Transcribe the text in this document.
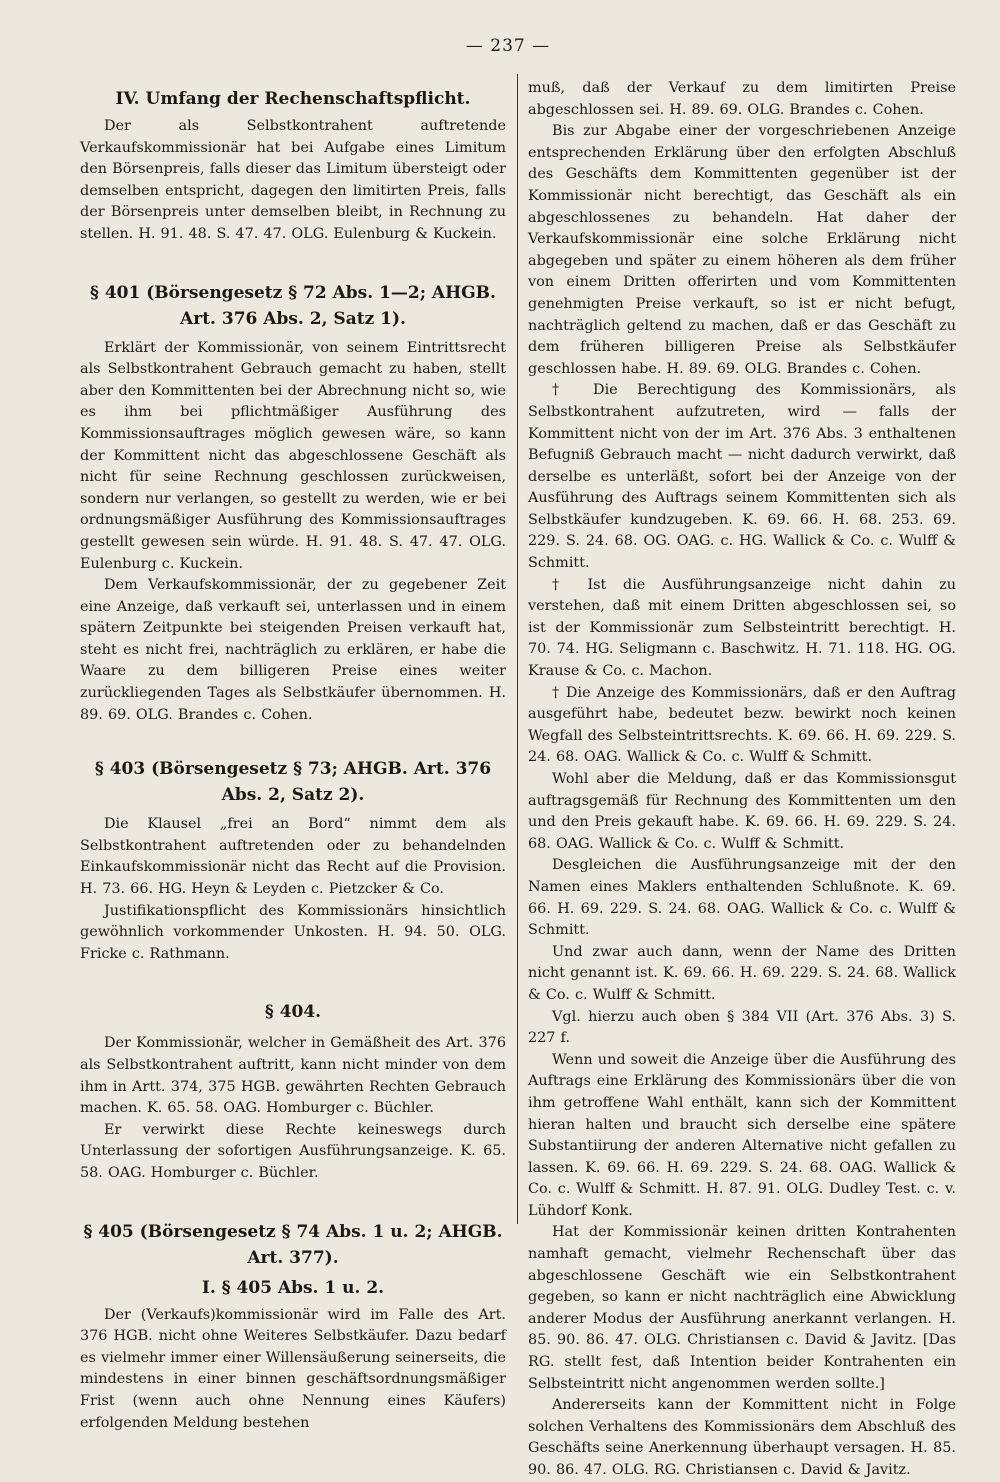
— 237 —
IV. Umfang der Rechenschaftspflicht.

Der als Selbstkontrahent auftretende Verkaufskommissionär hat bei Aufgabe eines Limitum den Börsenpreis, falls dieser das Limitum übersteigt oder demselben entspricht, dagegen den limitirten Preis, falls der Börsenpreis unter demselben bleibt, in Rechnung zu stellen. H. 91. 48. S. 47. 47. OLG. Eulenburg & Kuckein.

§ 401 (Börsengesetz § 72 Abs. 1—2; AHGB. Art. 376 Abs. 2, Satz 1).

Erklärt der Kommissionär, von seinem Eintrittsrecht als Selbstkontrahent Gebrauch gemacht zu haben, stellt aber den Kommittenten bei der Abrechnung nicht so, wie es ihm bei pflichtmäßiger Ausführung des Kommissionsauftrages möglich gewesen wäre, so kann der Kommittent nicht das abgeschlossene Geschäft als nicht für seine Rechnung geschlossen zurückweisen, sondern nur verlangen, so gestellt zu werden, wie er bei ordnungsmäßiger Ausführung des Kommissionsauftrages gestellt gewesen sein würde. H. 91. 48. S. 47. 47. OLG. Eulenburg c. Kuckein.

Dem Verkaufskommissionär, der zu gegebener Zeit eine Anzeige, daß verkauft sei, unterlassen und in einem spätern Zeitpunkte bei steigenden Preisen verkauft hat, steht es nicht frei, nachträglich zu erklären, er habe die Waare zu dem billigeren Preise eines weiter zurückliegenden Tages als Selbstkäufer übernommen. H. 89. 69. OLG. Brandes c. Cohen.

§ 403 (Börsengesetz § 73; AHGB. Art. 376 Abs. 2, Satz 2).

Die Klausel „frei an Bord“ nimmt dem als Selbstkontrahent auftretenden oder zu behandelnden Einkaufskommissionär nicht das Recht auf die Provision. H. 73. 66. HG. Heyn & Leyden c. Pietzcker & Co.

Justifikationspflicht des Kommissionärs hinsichtlich gewöhnlich vorkommender Unkosten. H. 94. 50. OLG. Fricke c. Rathmann.

§ 404.

Der Kommissionär, welcher in Gemäßheit des Art. 376 als Selbstkontrahent auftritt, kann nicht minder von dem ihm in Artt. 374, 375 HGB. gewährten Rechten Gebrauch machen. K. 65. 58. OAG. Homburger c. Büchler.

Er verwirkt diese Rechte keineswegs durch Unterlassung der sofortigen Ausführungsanzeige. K. 65. 58. OAG. Homburger c. Büchler.

§ 405 (Börsengesetz § 74 Abs. 1 u. 2; AHGB. Art. 377).
I. § 405 Abs. 1 u. 2.

Der (Verkaufs)kommissionär wird im Falle des Art. 376 HGB. nicht ohne Weiteres Selbstkäufer. Dazu bedarf es vielmehr immer einer Willensäußerung seinerseits, die mindestens in einer binnen geschäftsordnungsmäßiger Frist (wenn auch ohne Nennung eines Käufers) erfolgenden Meldung bestehen

muß, daß der Verkauf zu dem limitirten Preise abgeschlossen sei. H. 89. 69. OLG. Brandes c. Cohen.

Bis zur Abgabe einer der vorgeschriebenen Anzeige entsprechenden Erklärung über den erfolgten Abschluß des Geschäfts dem Kommittenten gegenüber ist der Kommissionär nicht berechtigt, das Geschäft als ein abgeschlossenes zu behandeln. Hat daher der Verkaufskommissionär eine solche Erklärung nicht abgegeben und später zu einem höheren als dem früher von einem Dritten offerirten und vom Kommittenten genehmigten Preise verkauft, so ist er nicht befugt, nachträglich geltend zu machen, daß er das Geschäft zu dem früheren billigeren Preise als Selbstkäufer geschlossen habe. H. 89. 69. OLG. Brandes c. Cohen.

† Die Berechtigung des Kommissionärs, als Selbstkontrahent aufzutreten, wird — falls der Kommittent nicht von der im Art. 376 Abs. 3 enthaltenen Befugniß Gebrauch macht — nicht dadurch verwirkt, daß derselbe es unterläßt, sofort bei der Anzeige von der Ausführung des Auftrags seinem Kommittenten sich als Selbstkäufer kundzugeben. K. 69. 66. H. 68. 253. 69. 229. S. 24. 68. OG. OAG. c. HG. Wallick & Co. c. Wulff & Schmitt.

† Ist die Ausführungsanzeige nicht dahin zu verstehen, daß mit einem Dritten abgeschlossen sei, so ist der Kommissionär zum Selbsteintritt berechtigt. H. 70. 74. HG. Seligmann c. Baschwitz. H. 71. 118. HG. OG. Krause & Co. c. Machon.

† Die Anzeige des Kommissionärs, daß er den Auftrag ausgeführt habe, bedeutet bezw. bewirkt noch keinen Wegfall des Selbsteintrittsrechts. K. 69. 66. H. 69. 229. S. 24. 68. OAG. Wallick & Co. c. Wulff & Schmitt.

Wohl aber die Meldung, daß er das Kommissionsgut auftragsgemäß für Rechnung des Kommittenten um den und den Preis gekauft habe. K. 69. 66. H. 69. 229. S. 24. 68. OAG. Wallick & Co. c. Wulff & Schmitt.

Desgleichen die Ausführungsanzeige mit der den Namen eines Maklers enthaltenden Schlußnote. K. 69. 66. H. 69. 229. S. 24. 68. OAG. Wallick & Co. c. Wulff & Schmitt.

Und zwar auch dann, wenn der Name des Dritten nicht genannt ist. K. 69. 66. H. 69. 229. S. 24. 68. Wallick & Co. c. Wulff & Schmitt.

Vgl. hierzu auch oben § 384 VII (Art. 376 Abs. 3) S. 227 f.

Wenn und soweit die Anzeige über die Ausführung des Auftrags eine Erklärung des Kommissionärs über die von ihm getroffene Wahl enthält, kann sich der Kommittent hieran halten und braucht sich derselbe eine spätere Substantiirung der anderen Alternative nicht gefallen zu lassen. K. 69. 66. H. 69. 229. S. 24. 68. OAG. Wallick & Co. c. Wulff & Schmitt. H. 87. 91. OLG. Dudley Test. c. v. Lühdorf Konk.

Hat der Kommissionär keinen dritten Kontrahenten namhaft gemacht, vielmehr Rechenschaft über das abgeschlossene Geschäft wie ein Selbstkontrahent gegeben, so kann er nicht nachträglich eine Abwicklung anderer Modus der Ausführung anerkannt verlangen. H. 85. 90. 86. 47. OLG. Christiansen c. David & Javitz. [Das RG. stellt fest, daß Intention beider Kontrahenten ein Selbsteintritt nicht angenommen werden sollte.]

Andererseits kann der Kommittent nicht in Folge solchen Verhaltens des Kommissionärs dem Abschluß des Geschäfts seine Anerkennung überhaupt versagen. H. 85. 90. 86. 47. OLG. RG. Christiansen c. David & Javitz.
